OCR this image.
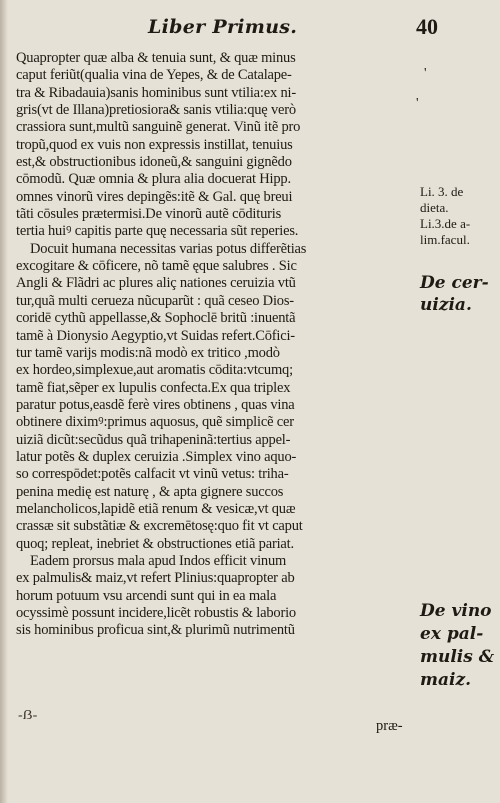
Liber Primus.	40
Quapropter quæ alba & tenuia sunt, & quæ minus
caput feriũt(qualia vina de Yepes, & de Catalape-
tra & Ribadauia)sanis hominibus sunt vtilia:ex ni-
gris(vt de Illana)pretiosiora& sanis vtilia:quę verò
crassiora sunt,multũ sanguinẽ generat. Vinũ itẽ pro
tropũ,quod ex vuis non expressis instillat, tenuius
est,& obstructionibus idoneũ,& sanguini gignẽdo
cōmodũ. Quæ omnia & plura alia docuerat Hipp.
omnes vinorũ vires depingẽs:itẽ & Gal. quę breui
tãti cōsules prætermisi.De vinorũ autẽ cōdituris
tertia huiꝰ capitis parte quę necessaria sũt reperies.
Docuit humana necessitas varias potus differẽtias
excogitare & cōficere, nõ tamẽ ęque salubres . Sic
Angli & Flãdri ac plures aliç nationes ceruizia vtũ
tur,quã multi cerueza nũcuparũt : quã ceseo Dios-
coridē cythũ appellasse,& Sophoclē britũ :inuentã
tamẽ à Dionysio Aegyptio,vt Suidas refert.Cōfici-
tur tamẽ varijs modis:nã modò ex tritico ,modò
ex hordeo,simplexue,aut aromatis cōdita:vtcumq;
tamẽ fiat,sẽper ex lupulis confecta.Ex qua triplex
paratur potus,easdẽ ferè vires obtinens , quas vina
obtinere diximꝰ:primus aquosus, quẽ simplicẽ cer
uiziã dicũt:secũdus quã trihapeninã:tertius appel-
latur potẽs & duplex ceruizia .Simplex vino aquo-
so correspōdet:potẽs calfacit vt vinũ vetus: triha-
penina medię est naturę , & apta gignere succos
melancholicos,lapidẽ etiã renum & vesicæ,vt quæ
crassæ sit substãtiæ & excremētosę:quo fit vt caput
quoq; repleat, inebriet & obstructiones etiã pariat.
Eadem prorsus mala apud Indos efficit vinum
ex palmulis& maiz,vt refert Plinius:quapropter ab
horum potuum vsu arcendi sunt qui in ea mala
ocyssimè possunt incidere,licẽt robustis & laborio
sis hominibus proficua sint,& plurimũ nutrimentũ
'
'
Li. 3. de
dieta.
Li.3.de a-
lim.facul.
De cer-
uizia.
De vino
ex pal-
mulis &
maiz.
-ẞ-
præ-
